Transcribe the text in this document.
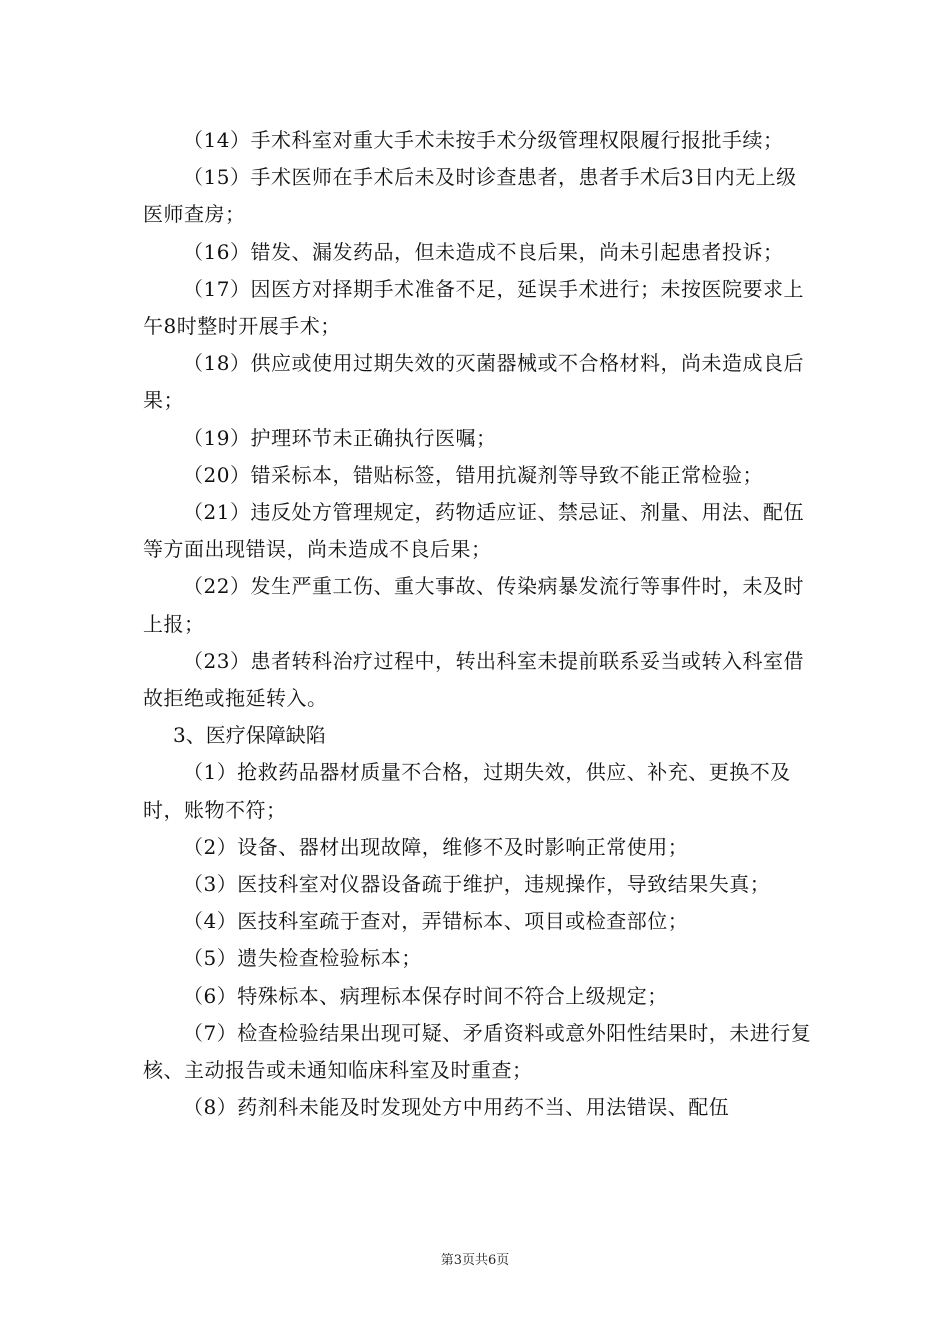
（14）手术科室对重大手术未按手术分级管理权限履行报批手续；

（15）手术医师在手术后未及时诊查患者，患者手术后3日内无上级医师查房；

（16）错发、漏发药品，但未造成不良后果，尚未引起患者投诉；

（17）因医方对择期手术准备不足，延误手术进行；未按医院要求上午8时整时开展手术；

（18）供应或使用过期失效的灭菌器械或不合格材料，尚未造成良后果；

（19）护理环节未正确执行医嘱；

（20）错采标本，错贴标签，错用抗凝剂等导致不能正常检验；

（21）违反处方管理规定，药物适应证、禁忌证、剂量、用法、配伍等方面出现错误，尚未造成不良后果；

（22）发生严重工伤、重大事故、传染病暴发流行等事件时，未及时上报；

（23）患者转科治疗过程中，转出科室未提前联系妥当或转入科室借故拒绝或拖延转入。

3、医疗保障缺陷

（1）抢救药品器材质量不合格，过期失效，供应、补充、更换不及时，账物不符；

（2）设备、器材出现故障，维修不及时影响正常使用；

（3）医技科室对仪器设备疏于维护，违规操作，导致结果失真；

（4）医技科室疏于查对，弄错标本、项目或检查部位；

（5）遗失检查检验标本；

（6）特殊标本、病理标本保存时间不符合上级规定；

（7）检查检验结果出现可疑、矛盾资料或意外阳性结果时，未进行复核、主动报告或未通知临床科室及时重查；

（8）药剂科未能及时发现处方中用药不当、用法错误、配伍

第3页共6页
